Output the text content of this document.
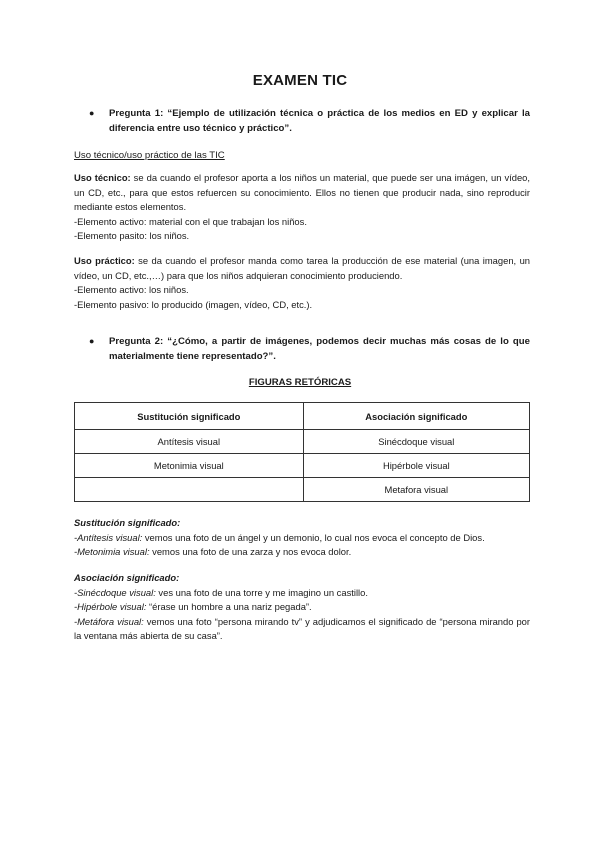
EXAMEN TIC
● Pregunta 1: “Ejemplo de utilización técnica o práctica de los medios en ED y explicar la diferencia entre uso técnico y práctico”.
Uso técnico/uso práctico de las TIC
Uso técnico: se da cuando el profesor aporta a los niños un material, que puede ser una imágen, un vídeo, un CD, etc., para que estos refuercen su conocimiento. Ellos no tienen que producir nada, sino reproducir mediante estos elementos.
-Elemento activo: material con el que trabajan los niños.
-Elemento pasito: los niños.
Uso práctico: se da cuando el profesor manda como tarea la producción de ese material (una imagen, un vídeo, un CD, etc.,…) para que los niños adquieran conocimiento produciendo.
-Elemento activo: los niños.
-Elemento pasivo: lo producido (imagen, vídeo, CD, etc.).
● Pregunta 2: “¿Cómo, a partir de imágenes, podemos decir muchas más cosas de lo que materialmente tiene representado?”.
FIGURAS RETÓRICAS
Sustitución significado	Asociación significado
Antítesis visual	Sinécdoque visual
Metonimia visual	Hipérbole visual
	Metafora visual
Sustitución significado:
-Antítesis visual: vemos una foto de un ángel y un demonio, lo cual nos evoca el concepto de Dios.
-Metonimia visual: vemos una foto de una zarza y nos evoca dolor.
Asociación significado:
-Sinécdoque visual: ves una foto de una torre y me imagino un castillo.
-Hipérbole visual: “érase un hombre a una nariz pegada”.
-Metáfora visual: vemos una foto “persona mirando tv” y adjudicamos el significado de “persona mirando por la ventana más abierta de su casa”.
